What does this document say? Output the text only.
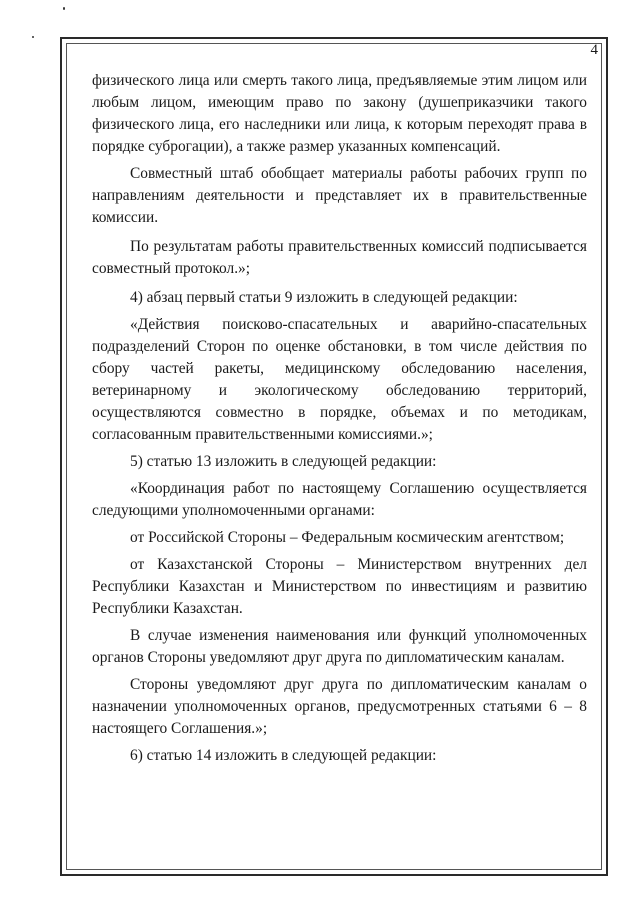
4

физического лица или смерть такого лица, предъявляемые этим лицом или любым лицом, имеющим право по закону (душеприказчики такого физического лица, его наследники или лица, к которым переходят права в порядке суброгации), а также размер указанных компенсаций.

Совместный штаб обобщает материалы работы рабочих групп по направлениям деятельности и представляет их в правительственные комиссии.

По результатам работы правительственных комиссий подписывается совместный протокол.»;

4) абзац первый статьи 9 изложить в следующей редакции:

«Действия поисково-спасательных и аварийно-спасательных подразделений Сторон по оценке обстановки, в том числе действия по сбору частей ракеты, медицинскому обследованию населения, ветеринарному и экологическому обследованию территорий, осуществляются совместно в порядке, объемах и по методикам, согласованным правительственными комиссиями.»;

5) статью 13 изложить в следующей редакции:

«Координация работ по настоящему Соглашению осуществляется следующими уполномоченными органами:

от Российской Стороны – Федеральным космическим агентством;

от Казахстанской Стороны – Министерством внутренних дел Республики Казахстан и Министерством по инвестициям и развитию Республики Казахстан.

В случае изменения наименования или функций уполномоченных органов Стороны уведомляют друг друга по дипломатическим каналам.

Стороны уведомляют друг друга по дипломатическим каналам о назначении уполномоченных органов, предусмотренных статьями 6 – 8 настоящего Соглашения.»;

6) статью 14 изложить в следующей редакции:
